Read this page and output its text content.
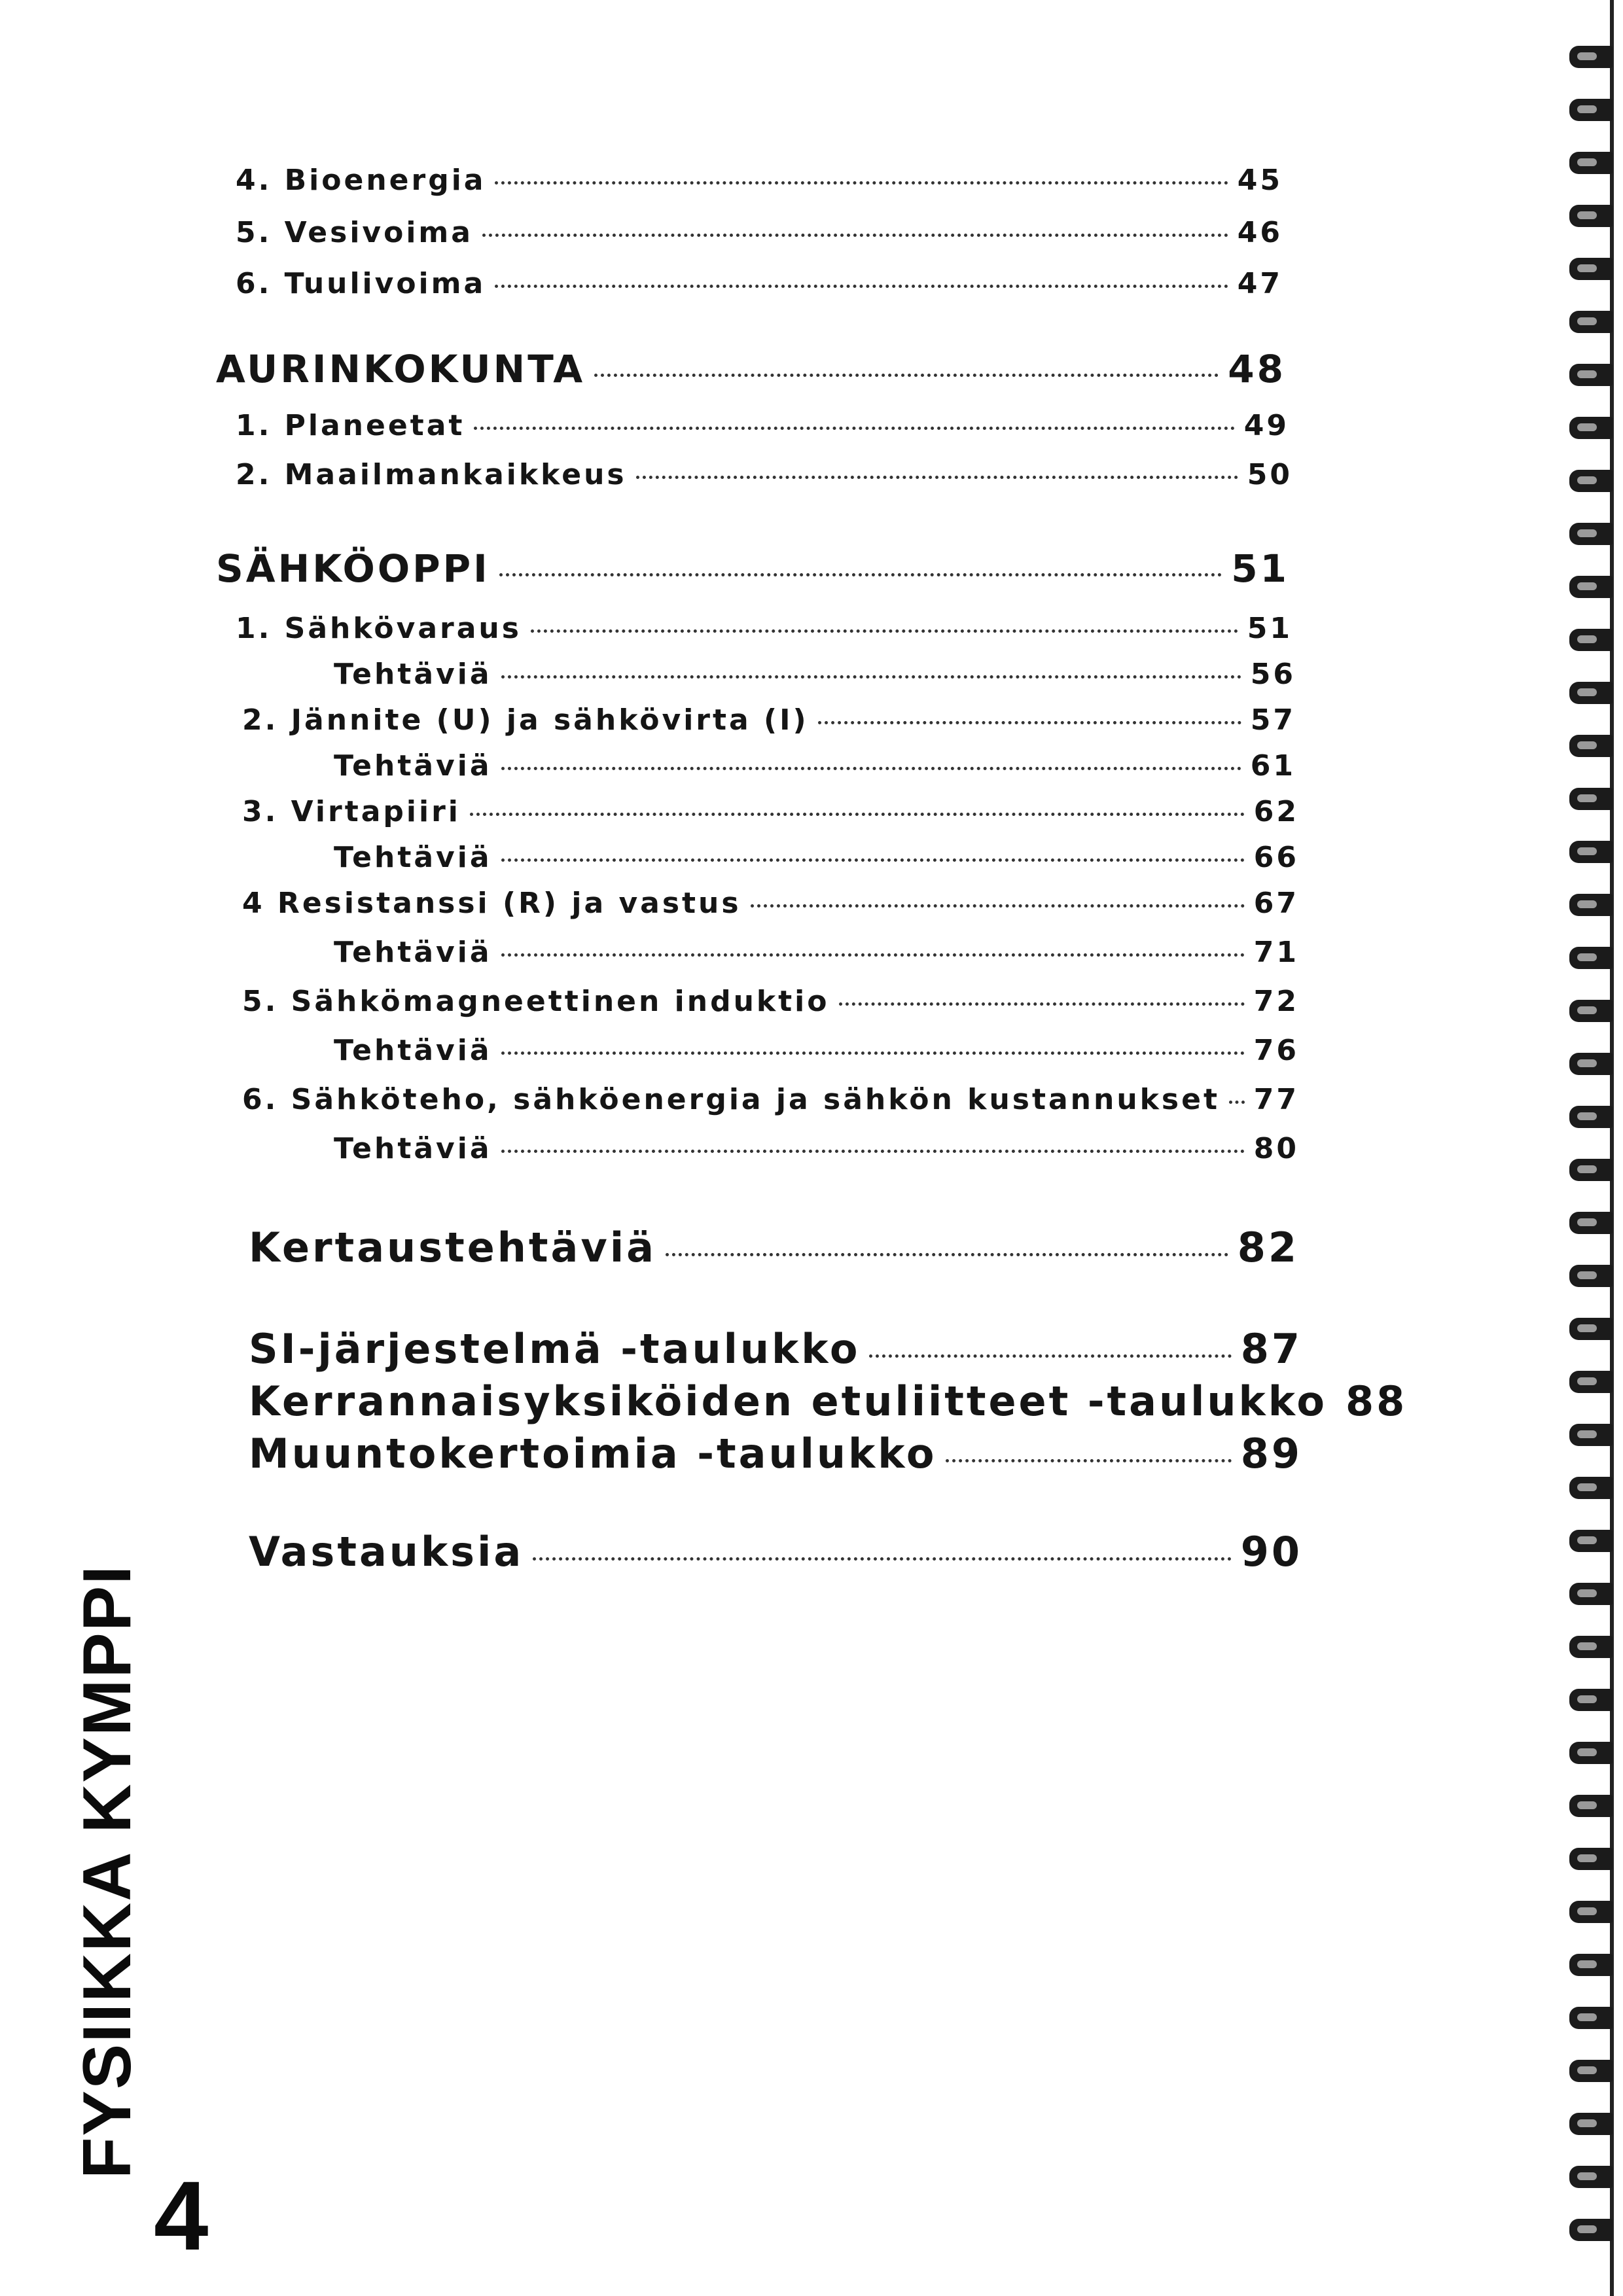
4. Bioenergia	45
5. Vesivoima	46
6. Tuulivoima	47
AURINKOKUNTA	48
1. Planeetat	49
2. Maailmankaikkeus	50
SÄHKÖOPPI	51
1. Sähkövaraus	51
Tehtäviä	56
2. Jännite (U) ja sähkövirta (I)	57
Tehtäviä	61
3. Virtapiiri	62
Tehtäviä	66
4 Resistanssi (R) ja vastus	67
Tehtäviä	71
5. Sähkömagneettinen induktio	72
Tehtäviä	76
6. Sähköteho, sähköenergia ja sähkön kustannukset 77
Tehtäviä	80
Kertaustehtäviä	82
SI-järjestelmä -taulukko	87
Kerrannaisyksiköiden etuliitteet -taulukko 88
Muuntokertoimia -taulukko	89
Vastauksia	90
FYSIIKKA KYMPPI
4
